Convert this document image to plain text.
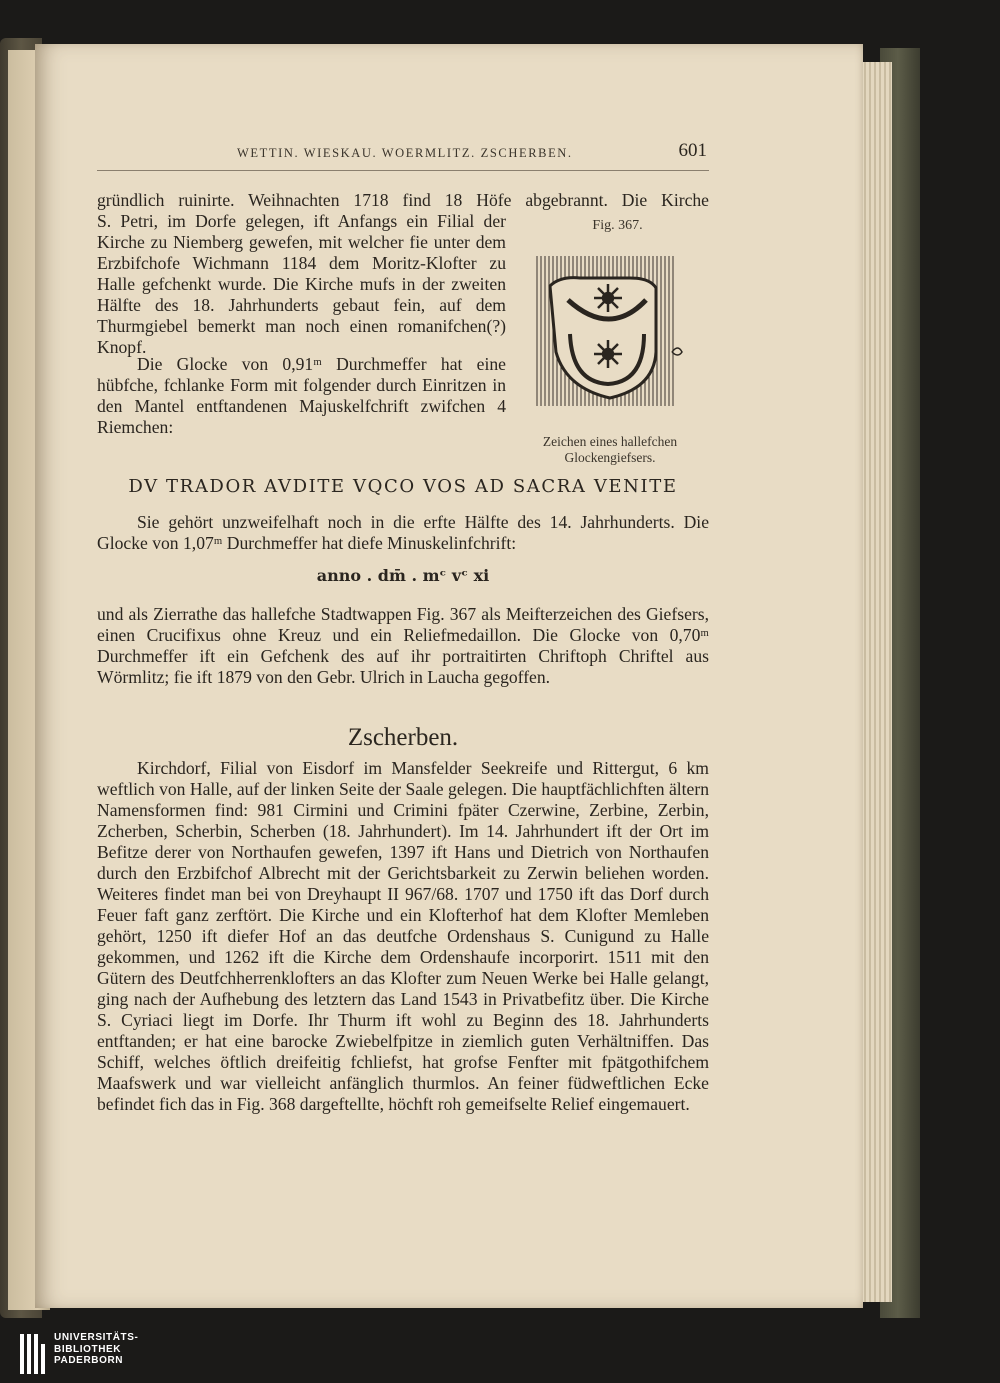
WETTIN. WIESKAU. WOERMLITZ. ZSCHERBEN.	601

gründlich ruinirte. Weihnachten 1718 find 18 Höfe abgebrannt. Die Kirche

S. Petri, im Dorfe gelegen, ift Anfangs ein Filial der Kirche zu Niemberg gewefen, mit welcher fie unter dem Erzbifchofe Wichmann 1184 dem Moritz-Klofter zu Halle gefchenkt wurde. Die Kirche mufs in der zweiten Hälfte des 18. Jahrhunderts gebaut fein, auf dem Thurmgiebel bemerkt man noch einen romanifchen(?) Knopf.

Die Glocke von 0,91ᵐ Durchmeffer hat eine hübfche, fchlanke Form mit folgender durch Einritzen in den Mantel entftandenen Majuskelfchrift zwifchen 4 Riemchen:

Fig. 367.
Zeichen eines hallefchen
Glockengiefsers.
DV TRADOR AVDITE VQCO VOS AD SACRA VENITE

Sie gehört unzweifelhaft noch in die erfte Hälfte des 14. Jahrhunderts. Die Glocke von 1,07ᵐ Durchmeffer hat diefe Minuskelinfchrift:

anno . dm̄ . mᶜ vᶜ xi

und als Zierrathe das hallefche Stadtwappen Fig. 367 als Meifterzeichen des Giefsers, einen Crucifixus ohne Kreuz und ein Reliefmedaillon. Die Glocke von 0,70ᵐ Durchmeffer ift ein Gefchenk des auf ihr portraitirten Chriftoph Chriftel aus Wörmlitz; fie ift 1879 von den Gebr. Ulrich in Laucha gegoffen.

Zscherben.

Kirchdorf, Filial von Eisdorf im Mansfelder Seekreife und Rittergut, 6 km weftlich von Halle, auf der linken Seite der Saale gelegen. Die hauptfächlichften ältern Namensformen find: 981 Cirmini und Crimini fpäter Czerwine, Zerbine, Zerbin, Zcherben, Scherbin, Scherben (18. Jahrhundert). Im 14. Jahrhundert ift der Ort im Befitze derer von Northaufen gewefen, 1397 ift Hans und Dietrich von Northaufen durch den Erzbifchof Albrecht mit der Gerichtsbarkeit zu Zerwin beliehen worden. Weiteres findet man bei von Dreyhaupt II 967/68. 1707 und 1750 ift das Dorf durch Feuer faft ganz zerftört. Die Kirche und ein Klofterhof hat dem Klofter Memleben gehört, 1250 ift diefer Hof an das deutfche Ordenshaus S. Cunigund zu Halle gekommen, und 1262 ift die Kirche dem Ordenshaufe incorporirt. 1511 mit den Gütern des Deutfchherrenklofters an das Klofter zum Neuen Werke bei Halle gelangt, ging nach der Aufhebung des letztern das Land 1543 in Privatbefitz über. Die Kirche S. Cyriaci liegt im Dorfe. Ihr Thurm ift wohl zu Beginn des 18. Jahrhunderts entftanden; er hat eine barocke Zwiebelfpitze in ziemlich guten Verhältniffen. Das Schiff, welches öftlich dreifeitig fchliefst, hat grofse Fenfter mit fpätgothifchem Maafswerk und war vielleicht anfänglich thurmlos. An feiner füdweftlichen Ecke befindet fich das in Fig. 368 dargeftellte, höchft roh gemeifselte Relief eingemauert.

UNIVERSITÄTS-
BIBLIOTHEK
PADERBORN
